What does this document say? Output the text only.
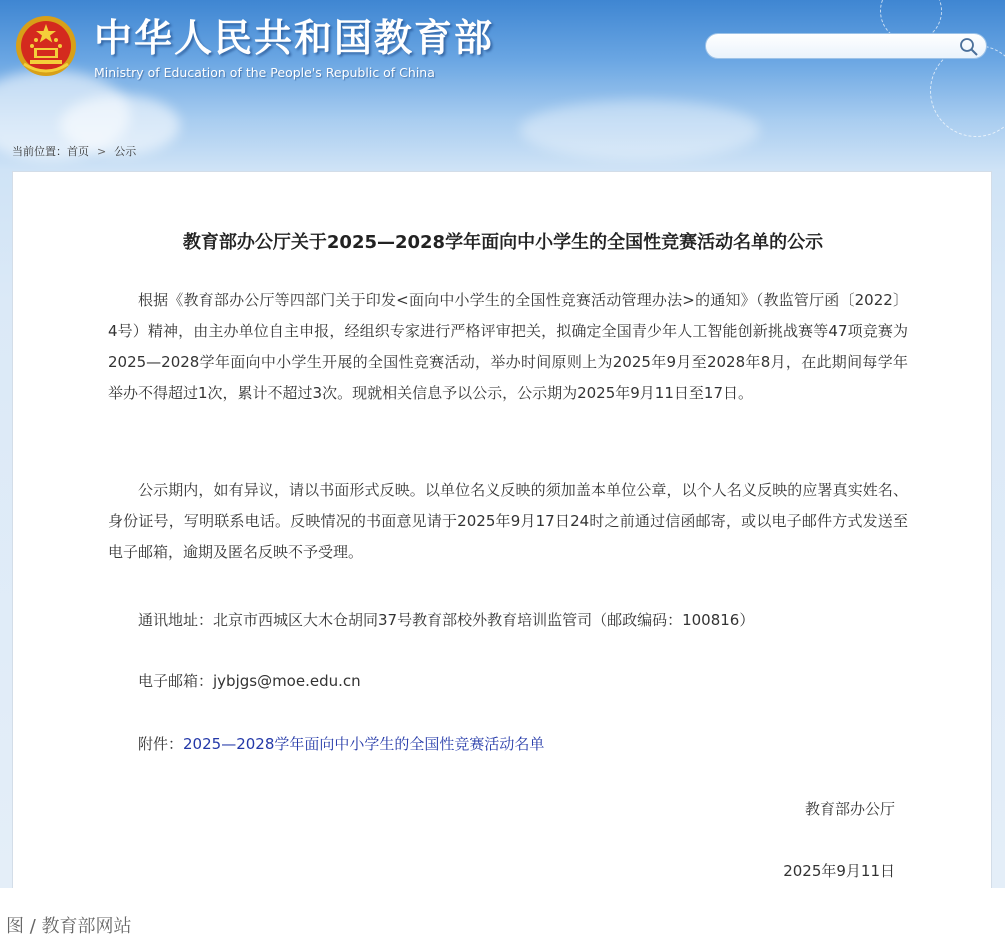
中华人民共和国教育部
Ministry of Education of the People's Republic of China
当前位置：首页 > 公示
教育部办公厅关于2025—2028学年面向中小学生的全国性竞赛活动名单的公示

根据《教育部办公厅等四部门关于印发<面向中小学生的全国性竞赛活动管理办法>的通知》（教监管厅函〔2022〕4号）精神，由主办单位自主申报，经组织专家进行严格评审把关，拟确定全国青少年人工智能创新挑战赛等47项竞赛为2025—2028学年面向中小学生开展的全国性竞赛活动，举办时间原则上为2025年9月至2028年8月，在此期间每学年举办不得超过1次，累计不超过3次。现就相关信息予以公示，公示期为2025年9月11日至17日。

公示期内，如有异议，请以书面形式反映。以单位名义反映的须加盖本单位公章，以个人名义反映的应署真实姓名、身份证号，写明联系电话。反映情况的书面意见请于2025年9月17日24时之前通过信函邮寄，或以电子邮件方式发送至电子邮箱，逾期及匿名反映不予受理。

通讯地址：北京市西城区大木仓胡同37号教育部校外教育培训监管司（邮政编码：100816）
电子邮箱：jybjgs@moe.edu.cn
附件：2025—2028学年面向中小学生的全国性竞赛活动名单
教育部办公厅
2025年9月11日
图 / 教育部网站
